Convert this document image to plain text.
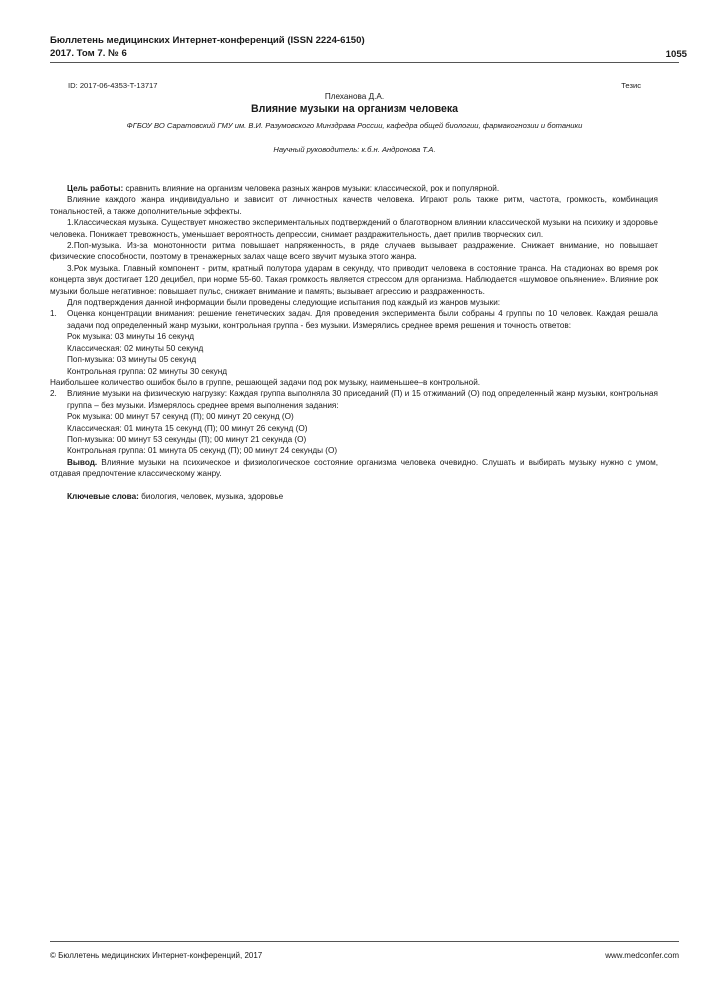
Бюллетень медицинских Интернет-конференций (ISSN 2224-6150)
2017. Том 7. № 6	1055
ID: 2017-06-4353-T-13717	Тезис
Плеханова Д.А.
Влияние музыки на организм человека
ФГБОУ ВО Саратовский ГМУ им. В.И. Разумовского Минздрава России, кафедра общей биологии, фармакогнозии и ботаники
Научный руководитель: к.б.н. Андронова Т.А.

Цель работы: сравнить влияние на организм человека разных жанров музыки: классической, рок и популярной.

Влияние каждого жанра индивидуально и зависит от личностных качеств человека. Играют роль также ритм, частота, громкость, комбинация тональностей, а также дополнительные эффекты.

1.Классическая музыка. Существует множество экспериментальных подтверждений о благотворном влиянии классической музыки на психику и здоровье человека. Понижает тревожность, уменьшает вероятность депрессии, снимает раздражительность, дает прилив творческих сил.

2.Поп-музыка. Из-за монотонности ритма повышает напряженность, в ряде случаев вызывает раздражение. Снижает внимание, но повышает физические способности, поэтому в тренажерных залах чаще всего звучит музыка этого жанра.

3.Рок музыка. Главный компонент - ритм, кратный полутора ударам в секунду, что приводит человека в состояние транса. На стадионах во время рок концерта звук достигает 120 децибел, при норме 55-60. Такая громкость является стрессом для организма. Наблюдается «шумовое опьянение». Влияние рок музыки больше негативное: повышает пульс, снижает внимание и память; вызывает агрессию и раздраженность.

Для подтверждения данной информации были проведены следующие испытания под каждый из жанров музыки:

1. Оценка концентрации внимания: решение генетических задач. Для проведения эксперимента были собраны 4 группы по 10 человек. Каждая решала задачи под определенный жанр музыки, контрольная группа - без музыки. Измерялись среднее время решения и точность ответов:
Рок музыка: 03 минуты 16 секунд
Классическая: 02 минуты 50 секунд
Поп-музыка: 03 минуты 05 секунд
Контрольная группа: 02 минуты 30 секунд

Наибольшее количество ошибок было в группе, решающей задачи под рок музыку, наименьшее–в контрольной.

2. Влияние музыки на физическую нагрузку: Каждая группа выполняла 30 приседаний (П) и 15 отжиманий (О) под определенный жанр музыки, контрольная группа – без музыки. Измерялось среднее время выполнения задания:
Рок музыка: 00 минут 57 секунд (П); 00 минут 20 секунд (О)
Классическая: 01 минута 15 секунд (П); 00 минут 26 секунд (О)
Поп-музыка: 00 минут 53 секунды (П); 00 минут 21 секунда (О)
Контрольная группа: 01 минута 05 секунд (П); 00 минут 24 секунды (О)

Вывод. Влияние музыки на психическое и физиологическое состояние организма человека очевидно. Слушать и выбирать музыку нужно с умом, отдавая предпочтение классическому жанру.

Ключевые слова: биология, человек, музыка, здоровье

© Бюллетень медицинских Интернет-конференций, 2017	www.medconfer.com
